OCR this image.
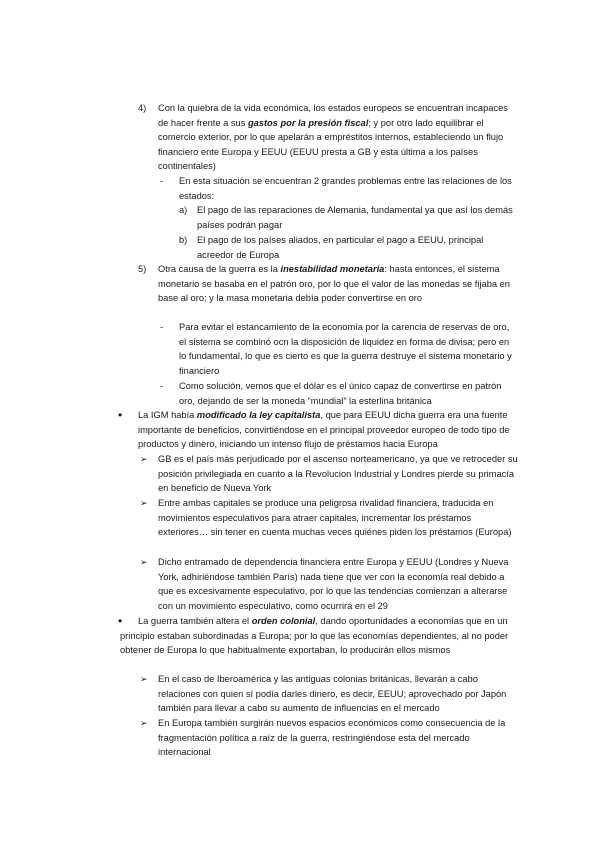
4) Con la quiebra de la vida económica, los estados europeos se encuentran incapaces de hacer frente a sus gastos por la presión fiscal; y por otro lado equilibrar el comercio exterior, por lo que apelarán a empréstitos internos, estableciendo un flujo financiero ente Europa y EEUU (EEUU presta a GB y esta última a los países continentales)

- En esta situación se encuentran 2 grandes problemas entre las relaciones de los estados:

a) El pago de las reparaciones de Alemania, fundamental ya que así los demás países podrán pagar

b) El pago de los países aliados, en particular el pago a EEUU, principal acreedor de Europa

5) Otra causa de la guerra es la inestabilidad monetaria: hasta entonces, el sistema monetario se basaba en el patrón oro, por lo que el valor de las monedas se fijaba en base al oro; y la masa monetaria debía poder convertirse en oro

- Para evitar el estancamiento de la economía por la carencia de reservas de oro, el sistema se combinó ocn la disposición de liquidez en forma de divisa; pero en lo fundamental, lo que es cierto es que la guerra destruye el sistema monetario y financiero

- Como solución, vemos que el dólar es el único capaz de convertirse en patrón oro, dejando de ser la moneda “mundial” la esterlina británica

• La IGM había modificado la ley capitalista, que para EEUU dicha guerra era una fuente importante de beneficios, convirtiéndose en el principal proveedor europeo de todo tipo de productos y dinero, iniciando un intenso flujo de préstamos hacia Europa

➢ GB es el país más perjudicado por el ascenso norteamericano, ya que ve retroceder su posición privilegiada en cuanto a la Revolucion Industrial y Londres pierde su primacía en beneficio de Nueva York

➢ Entre ambas capitales se produce una peligrosa rivalidad financiera, traducida en movimientos especulativos para atraer capitales, incrementar los préstamos exteriores… sin tener en cuenta muchas veces quiénes piden los préstamos (Europa)

➢ Dicho entramado de dependencia financiera entre Europa y EEUU (Londres y Nueva York, adhiriéndose también París) nada tiene que ver con la economía real debido a que es excesivamente especulativo, por lo que las tendencias comienzan a alterarse con un movimiento especulativo, como ocurrirá en el 29

•	La guerra también altera el orden colonial, dando oportunidades a economías que en un principio estaban subordinadas a Europa; por lo que las economías dependientes, al no poder obtener de Europa lo que habitualmente exportaban, lo producirán ellos mismos

➢ En el caso de Iberoamérica y las antiguas colonias británicas, llevarán a cabo relaciones con quien sí podía darles dinero, es decir, EEUU; aprovechado por Japón también para llevar a cabo su aumento de influencias en el mercado

➢ En Europa también surgirán nuevos espacios económicos como consecuencia de la fragmentación política a raíz de la guerra, restringiéndose esta del mercado internacional
